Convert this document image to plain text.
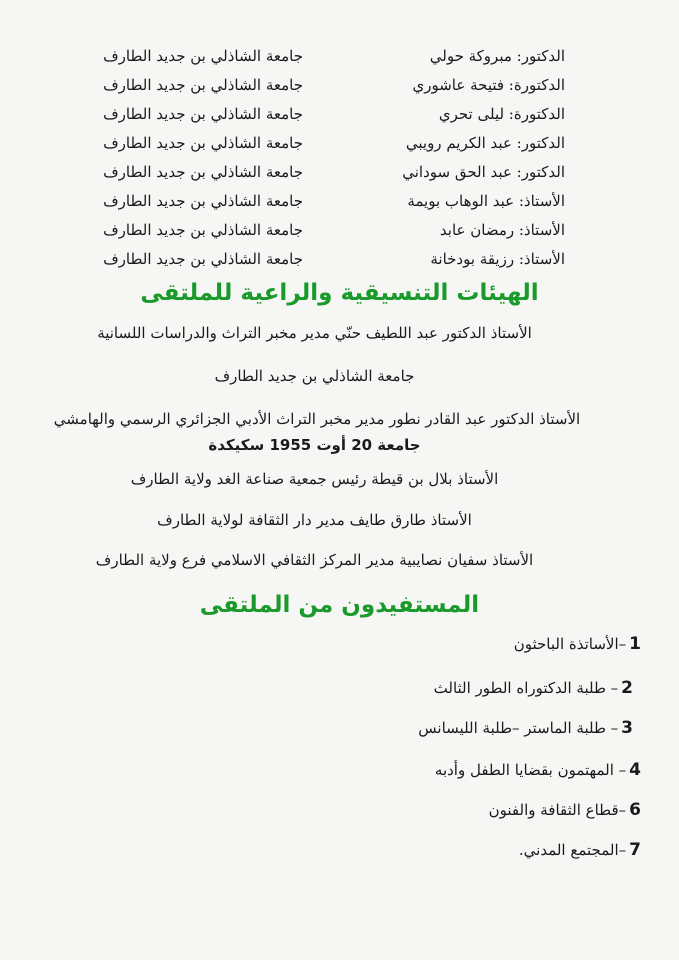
الدكتور: مبروكة حولي
جامعة الشاذلي بن جديد الطارف
الدكتورة: فتيحة عاشوري
جامعة الشاذلي بن جديد الطارف
الدكتورة: ليلى تحري
جامعة الشاذلي بن جديد الطارف
الدكتور: عبد الكريم رويبي
جامعة الشاذلي بن جديد الطارف
الدكتور: عبد الحق سوداني
جامعة الشاذلي بن جديد الطارف
الأستاذ: عبد الوهاب بويمة
جامعة الشاذلي بن جديد الطارف
الأستاذ: رمضان عابد
جامعة الشاذلي بن جديد الطارف
الأستاذ: رزيقة بودخانة
جامعة الشاذلي بن جديد الطارف
الهيئات التنسيقية والراعية للملتقى
الأستاذ الدكتور عبد اللطيف حنّي مدير مخبر التراث والدراسات اللسانية
جامعة الشاذلي بن جديد الطارف
الأستاذ الدكتور عبد القادر نطور مدير مخبر التراث الأدبي الجزائري الرسمي والهامشي
جامعة 20 أوت 1955 سكيكدة
الأستاذ بلال بن قيطة رئيس جمعية صناعة الغد ولاية الطارف
الأستاذ طارق طايف مدير دار الثقافة لولاية الطارف
الأستاذ سفيان نصايبية مدير المركز الثقافي الاسلامي فرع ولاية الطارف
المستفيدون من الملتقى
1–الأساتذة الباحثون
2– طلبة الدكتوراه الطور الثالث
3– طلبة الماستر –طلبة الليسانس
4– المهتمون بقضايا الطفل وأدبه
6–قطاع الثقافة والفنون
7–المجتمع المدني.
